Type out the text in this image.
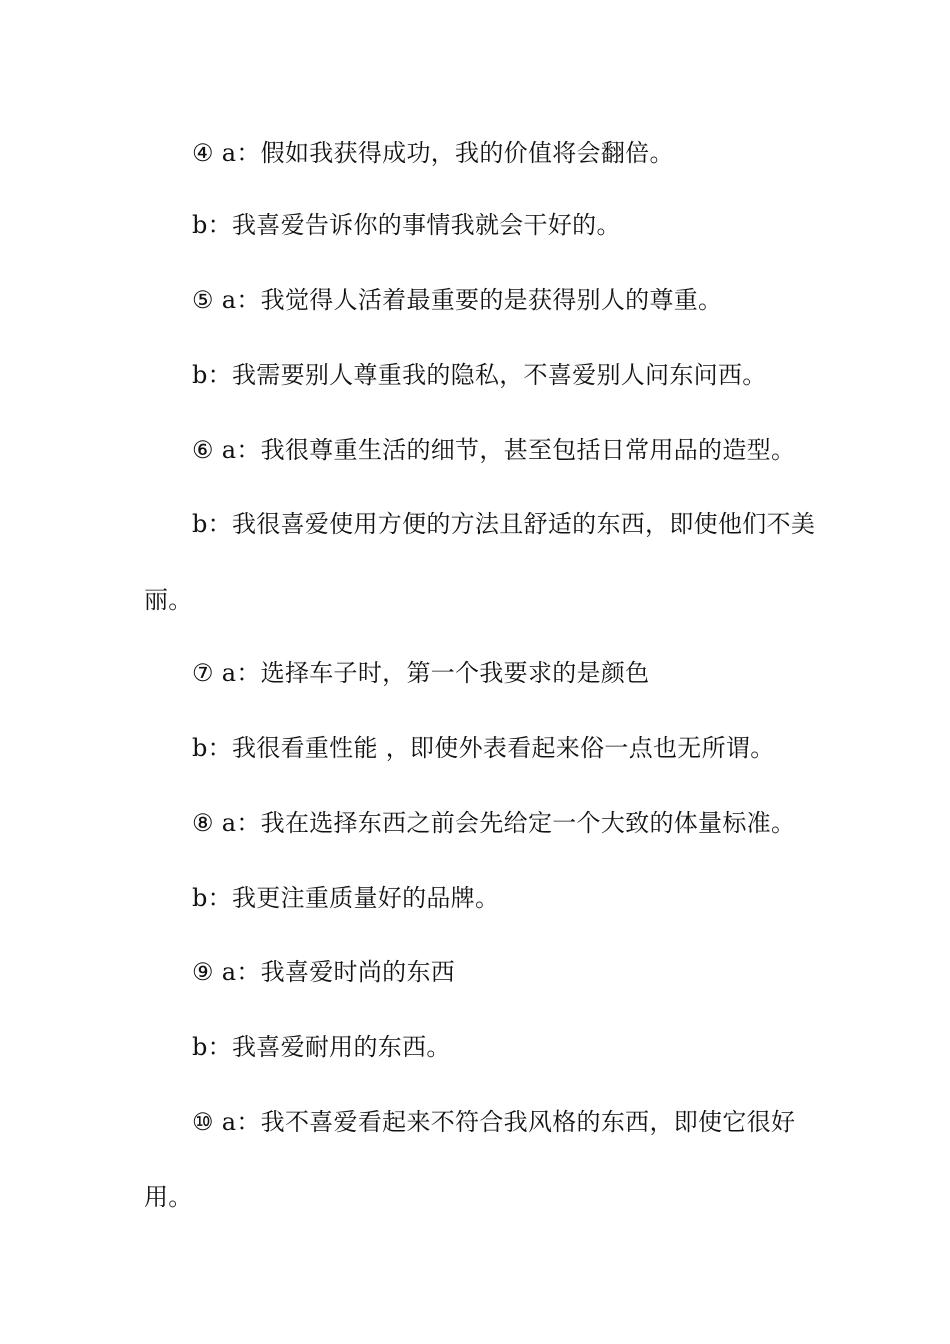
④ a：假如我获得成功，我的价值将会翻倍。
b：我喜爱告诉你的事情我就会干好的。
⑤ a：我觉得人活着最重要的是获得别人的尊重。
b：我需要别人尊重我的隐私，不喜爱别人问东问西。
⑥ a：我很尊重生活的细节，甚至包括日常用品的造型。
b：我很喜爱使用方便的方法且舒适的东西，即使他们不美
丽。
⑦ a：选择车子时，第一个我要求的是颜色
b：我很看重性能 ，即使外表看起来俗一点也无所谓。
⑧ a：我在选择东西之前会先给定一个大致的体量标准。
b：我更注重质量好的品牌。
⑨ a：我喜爱时尚的东西
b：我喜爱耐用的东西。
⑩ a：我不喜爱看起来不符合我风格的东西，即使它很好
用。
